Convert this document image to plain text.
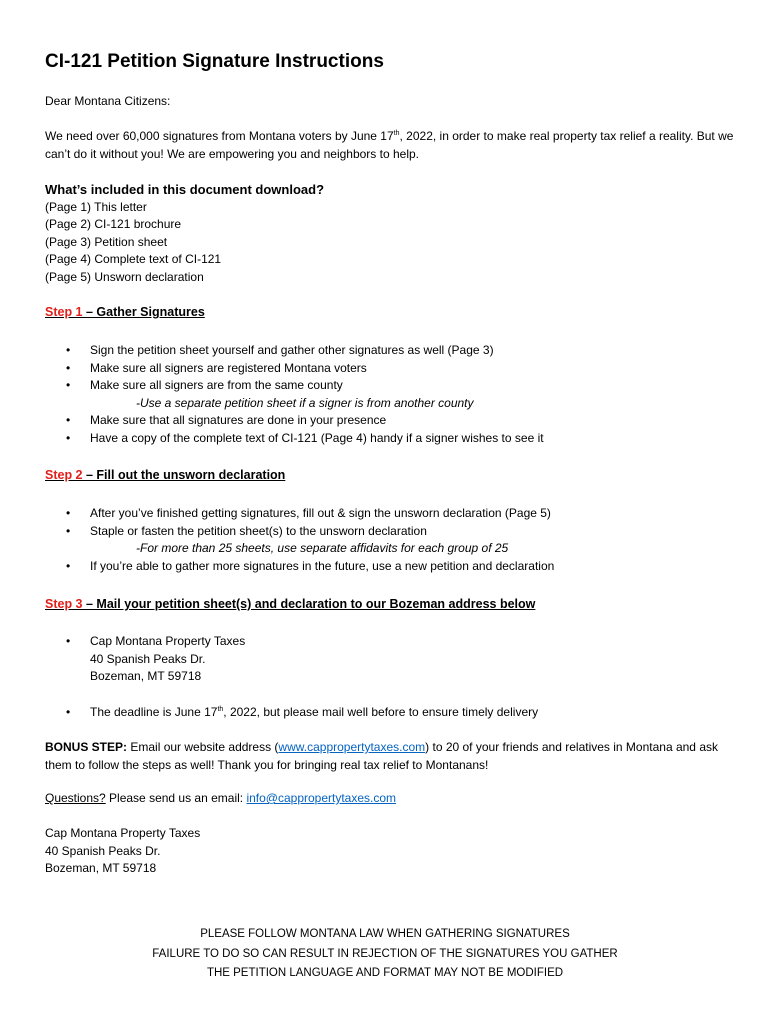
CI-121 Petition Signature Instructions

Dear Montana Citizens:

We need over 60,000 signatures from Montana voters by June 17th, 2022, in order to make real property tax relief a reality. But we can’t do it without you! We are empowering you and neighbors to help.

What’s included in this document download?

(Page 1) This letter

(Page 2) CI-121 brochure

(Page 3) Petition sheet

(Page 4) Complete text of CI-121

(Page 5) Unsworn declaration

Step 1 – Gather Signatures

• Sign the petition sheet yourself and gather other signatures as well (Page 3)
• Make sure all signers are registered Montana voters
• Make sure all signers are from the same county
-Use a separate petition sheet if a signer is from another county
• Make sure that all signatures are done in your presence
• Have a copy of the complete text of CI-121 (Page 4) handy if a signer wishes to see it

Step 2 – Fill out the unsworn declaration

• After you’ve finished getting signatures, fill out & sign the unsworn declaration (Page 5)
• Staple or fasten the petition sheet(s) to the unsworn declaration
-For more than 25 sheets, use separate affidavits for each group of 25
• If you’re able to gather more signatures in the future, use a new petition and declaration

Step 3 – Mail your petition sheet(s) and declaration to our Bozeman address below

• Cap Montana Property Taxes
40 Spanish Peaks Dr.
Bozeman, MT 59718
• The deadline is June 17th, 2022, but please mail well before to ensure timely delivery

BONUS STEP: Email our website address (www.cappropertytaxes.com) to 20 of your friends and relatives in Montana and ask them to follow the steps as well! Thank you for bringing real tax relief to Montanans!

Questions? Please send us an email: info@cappropertytaxes.com

Cap Montana Property Taxes

40 Spanish Peaks Dr.

Bozeman, MT 59718

PLEASE FOLLOW MONTANA LAW WHEN GATHERING SIGNATURES

FAILURE TO DO SO CAN RESULT IN REJECTION OF THE SIGNATURES YOU GATHER

THE PETITION LANGUAGE AND FORMAT MAY NOT BE MODIFIED
